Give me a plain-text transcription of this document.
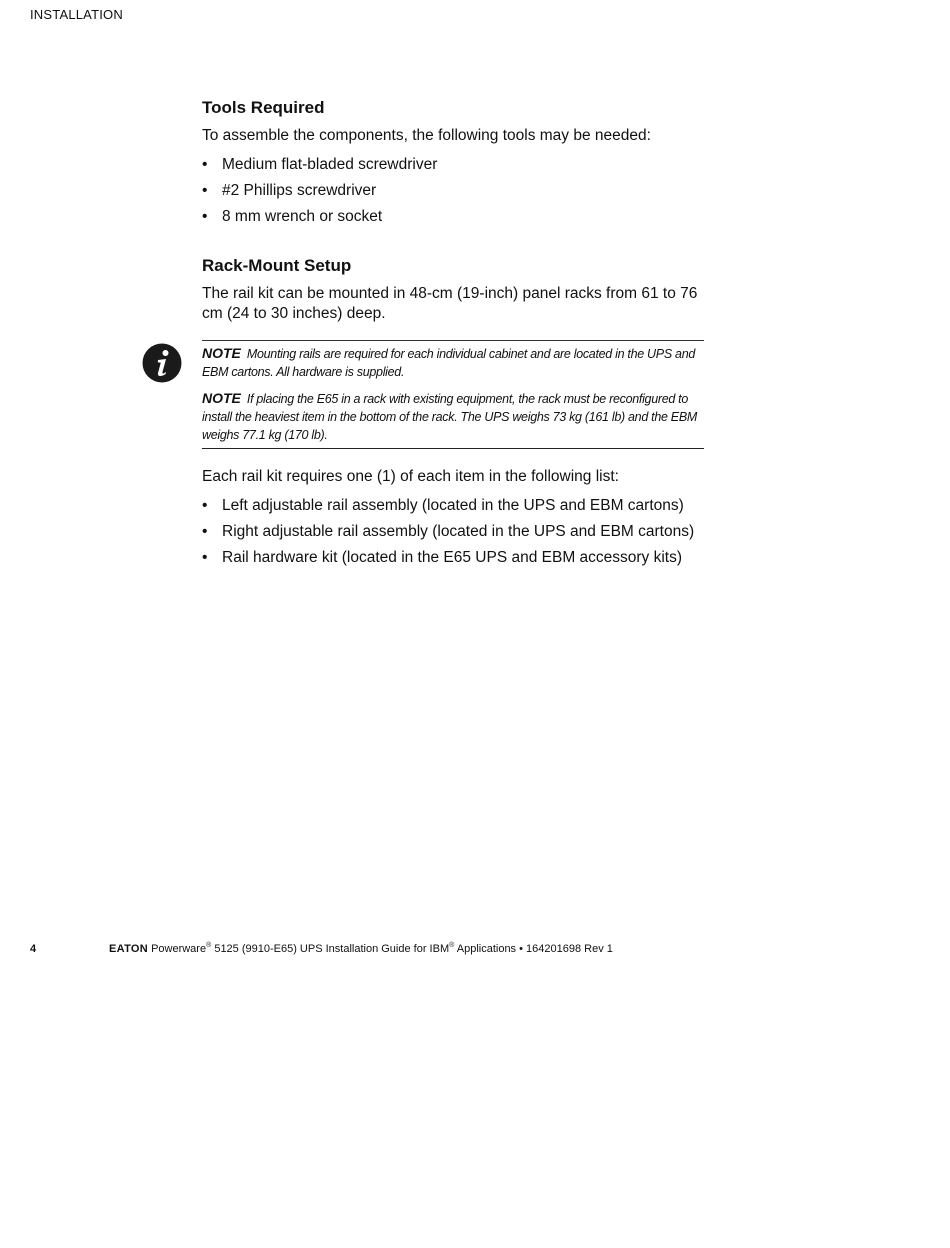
INSTALLATION
Tools Required

To assemble the components, the following tools may be needed:

• Medium flat-bladed screwdriver
• #2 Phillips screwdriver
• 8 mm wrench or socket
Rack-Mount Setup

The rail kit can be mounted in 48-cm (19-inch) panel racks from 61 to 76 cm (24 to 30 inches) deep.

NOTE Mounting rails are required for each individual cabinet and are located in the UPS and EBM cartons. All hardware is supplied.

NOTE If placing the E65 in a rack with existing equipment, the rack must be reconfigured to install the heaviest item in the bottom of the rack. The UPS weighs 73 kg (161 lb) and the EBM weighs 77.1 kg (170 lb).

Each rail kit requires one (1) of each item in the following list:

• Left adjustable rail assembly (located in the UPS and EBM cartons)
• Right adjustable rail assembly (located in the UPS and EBM cartons)
• Rail hardware kit (located in the E65 UPS and EBM accessory kits)
4	EATON Powerware® 5125 (9910-E65) UPS Installation Guide for IBM® Applications • 164201698 Rev 1
